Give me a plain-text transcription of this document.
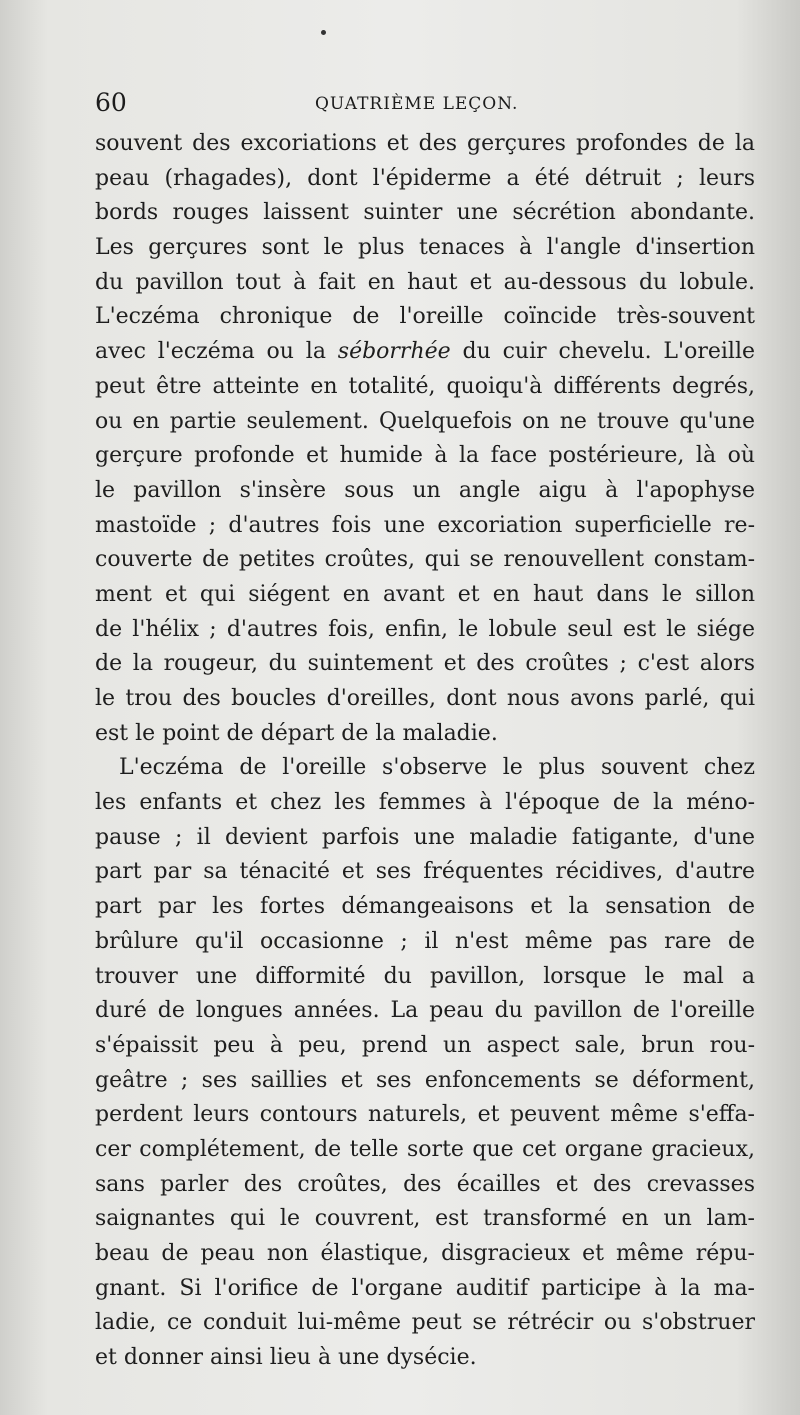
60	QUATRIÈME LEÇON.
souvent des excoriations et des gerçures profondes de la
peau (rhagades), dont l'épiderme a été détruit ; leurs
bords rouges laissent suinter une sécrétion abondante.
Les gerçures sont le plus tenaces à l'angle d'insertion
du pavillon tout à fait en haut et au-dessous du lobule.
L'eczéma chronique de l'oreille coïncide très-souvent
avec l'eczéma ou la séborrhée du cuir chevelu. L'oreille
peut être atteinte en totalité, quoiqu'à différents degrés,
ou en partie seulement. Quelquefois on ne trouve qu'une
gerçure profonde et humide à la face postérieure, là où
le pavillon s'insère sous un angle aigu à l'apophyse
mastoïde ; d'autres fois une excoriation superficielle re-
couverte de petites croûtes, qui se renouvellent constam-
ment et qui siégent en avant et en haut dans le sillon
de l'hélix ; d'autres fois, enfin, le lobule seul est le siége
de la rougeur, du suintement et des croûtes ; c'est alors
le trou des boucles d'oreilles, dont nous avons parlé, qui
est le point de départ de la maladie.
L'eczéma de l'oreille s'observe le plus souvent chez
les enfants et chez les femmes à l'époque de la méno-
pause ; il devient parfois une maladie fatigante, d'une
part par sa ténacité et ses fréquentes récidives, d'autre
part par les fortes démangeaisons et la sensation de
brûlure qu'il occasionne ; il n'est même pas rare de
trouver une difformité du pavillon, lorsque le mal a
duré de longues années. La peau du pavillon de l'oreille
s'épaissit peu à peu, prend un aspect sale, brun rou-
geâtre ; ses saillies et ses enfoncements se déforment,
perdent leurs contours naturels, et peuvent même s'effa-
cer complétement, de telle sorte que cet organe gracieux,
sans parler des croûtes, des écailles et des crevasses
saignantes qui le couvrent, est transformé en un lam-
beau de peau non élastique, disgracieux et même répu-
gnant. Si l'orifice de l'organe auditif participe à la ma-
ladie, ce conduit lui-même peut se rétrécir ou s'obstruer
et donner ainsi lieu à une dysécie.
